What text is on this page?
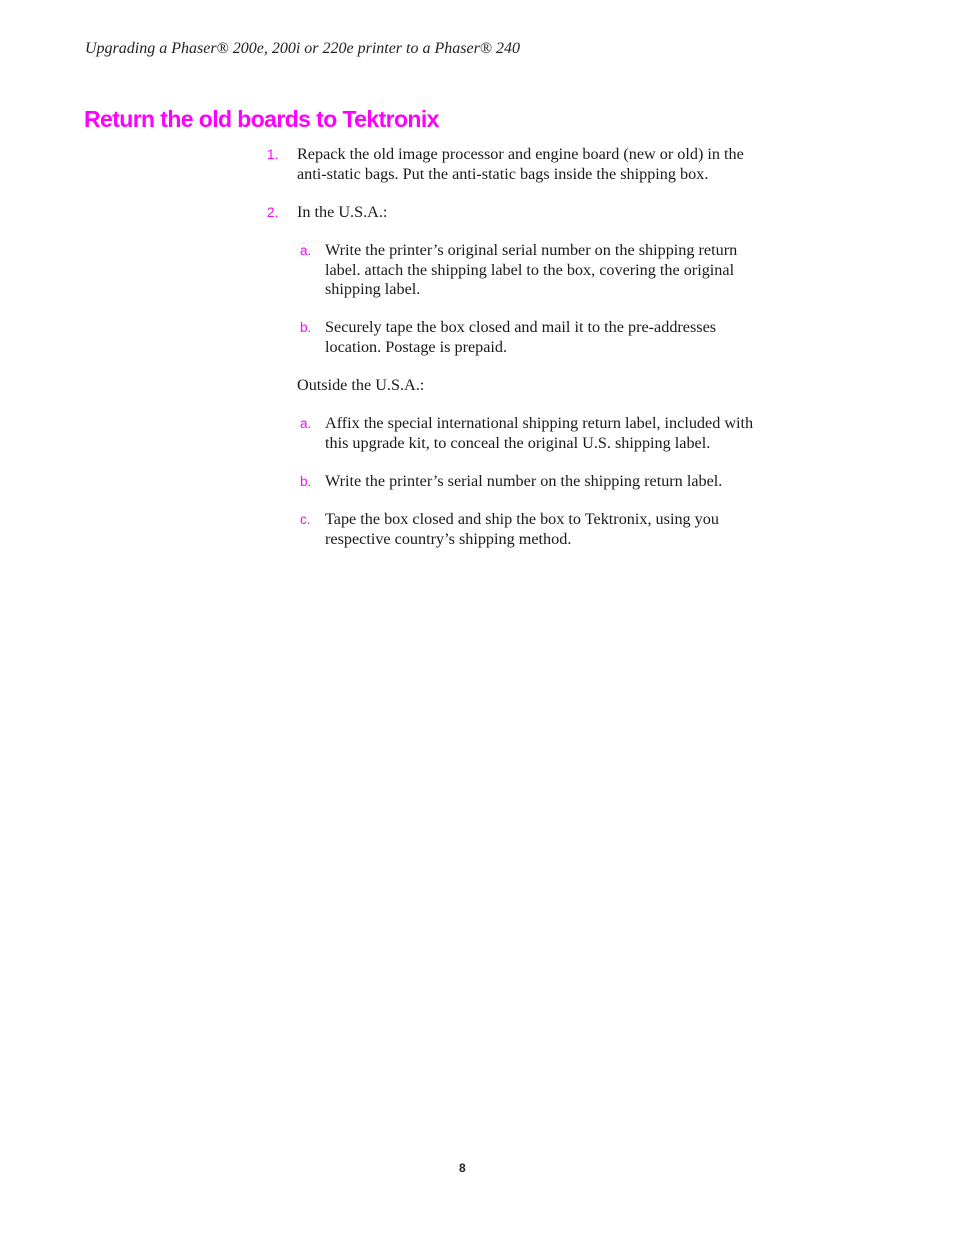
Upgrading a Phaser® 200e, 200i or 220e printer to a Phaser® 240
Return the old boards to Tektronix
1. Repack the old image processor and engine board (new or old) in the
anti-static bags. Put the anti-static bags inside the shipping box.
2. In the U.S.A.:
a. Write the printer’s original serial number on the shipping return
label. attach the shipping label to the box, covering the original
shipping label.
b. Securely tape the box closed and mail it to the pre-addresses
location. Postage is prepaid.
Outside the U.S.A.:
a. Affix the special international shipping return label, included with
this upgrade kit, to conceal the original U.S. shipping label.
b. Write the printer’s serial number on the shipping return label.
c. Tape the box closed and ship the box to Tektronix, using you
respective country’s shipping method.
8
